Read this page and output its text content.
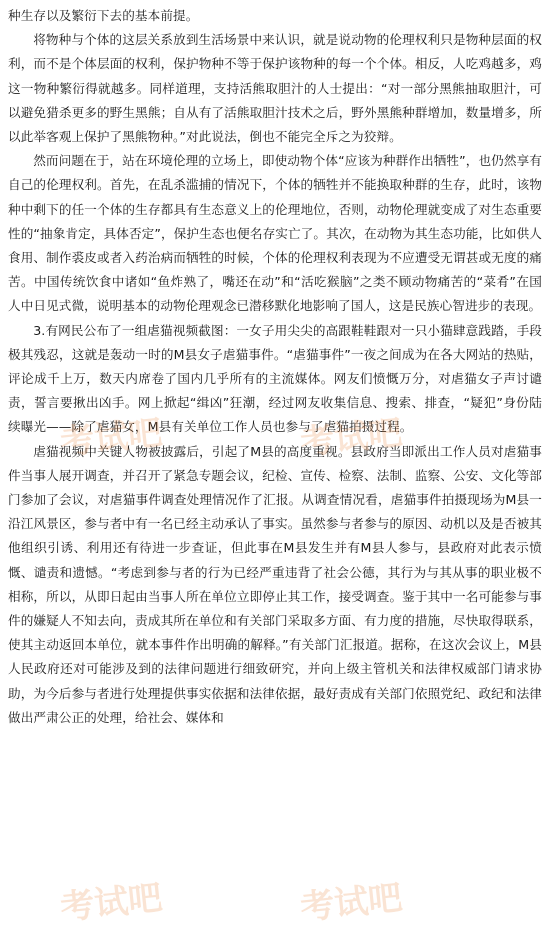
种生存以及繁衍下去的基本前提。

将物种与个体的这层关系放到生活场景中来认识，就是说动物的伦理权利只是物种层面的权利，而不是个体层面的权利，保护物种不等于保护该物种的每一个个体。相反，人吃鸡越多，鸡这一物种繁衍得就越多。同样道理，支持活熊取胆汁的人士提出：“对一部分黑熊抽取胆汁，可以避免猎杀更多的野生黑熊；自从有了活熊取胆汁技术之后，野外黑熊种群增加，数量增多，所以此举客观上保护了黑熊物种。”对此说法，倒也不能完全斥之为狡辩。

然而问题在于，站在环境伦理的立场上，即使动物个体“应该为种群作出牺牲”，也仍然享有自己的伦理权利。首先，在乱杀滥捕的情况下，个体的牺牲并不能换取种群的生存，此时，该物种中剩下的任一个体的生存都具有生态意义上的伦理地位，否则，动物伦理就变成了对生态重要性的“抽象肯定，具体否定”，保护生态也便名存实亡了。其次，在动物为其生态功能，比如供人食用、制作裘皮或者入药治病而牺牲的时候，个体的伦理权利表现为不应遭受无谓甚或无度的痛苦。中国传统饮食中诸如“鱼炸熟了，嘴还在动”和“活吃猴脑”之类不顾动物痛苦的“菜肴”在国人中日见式微，说明基本的动物伦理观念已潜移默化地影响了国人，这是民族心智进步的表现。

3.有网民公布了一组虐猫视频截图：一女子用尖尖的高跟鞋鞋跟对一只小猫肆意践踏，手段极其残忍，这就是轰动一时的M县女子虐猫事件。“虐猫事件”一夜之间成为在各大网站的热贴，评论成千上万，数天内席卷了国内几乎所有的主流媒体。网友们愤慨万分，对虐猫女子声讨谴责，誓言要揪出凶手。网上掀起“缉凶”狂潮，经过网友收集信息、搜索、排查，“疑犯”身份陆续曝光——除了虐猫女，M县有关单位工作人员也参与了虐猫拍摄过程。

虐猫视频中关键人物被披露后，引起了M县的高度重视。县政府当即派出工作人员对虐猫事件当事人展开调查，并召开了紧急专题会议，纪检、宣传、检察、法制、监察、公安、文化等部门参加了会议，对虐猫事件调查处理情况作了汇报。从调查情况看，虐猫事件拍摄现场为M县一沿江风景区，参与者中有一名已经主动承认了事实。虽然参与者参与的原因、动机以及是否被其他组织引诱、利用还有待进一步查证，但此事在M县发生并有M县人参与，县政府对此表示愤慨、谴责和遗憾。“考虑到参与者的行为已经严重违背了社会公德，其行为与其从事的职业极不相称，所以，从即日起由当事人所在单位立即停止其工作，接受调查。鉴于其中一名可能参与事件的嫌疑人不知去向，责成其所在单位和有关部门采取多方面、有力度的措施，尽快取得联系，使其主动返回本单位，就本事件作出明确的解释。”有关部门汇报道。据称，在这次会议上，M县人民政府还对可能涉及到的法律问题进行细致研究，并向上级主管机关和法律权威部门请求协助，为今后参与者进行处理提供事实依据和法律依据，最好责成有关部门依照党纪、政纪和法律做出严肃公正的处理，给社会、媒体和

考试吧	考试吧
考试吧	考试吧
